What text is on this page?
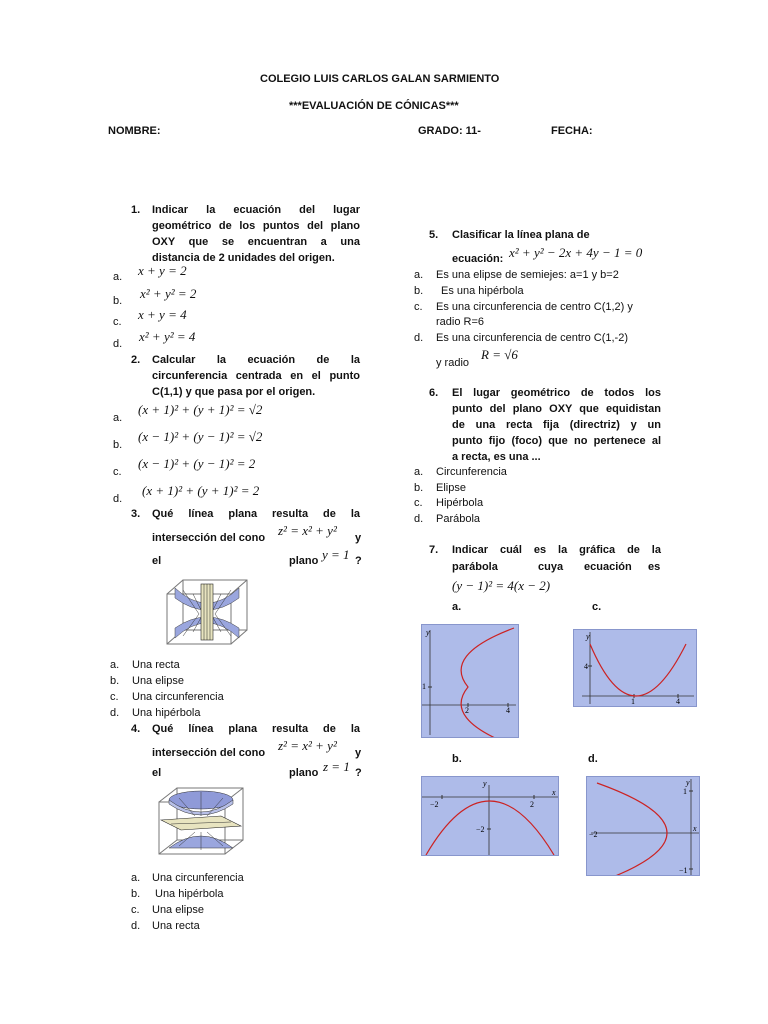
COLEGIO LUIS CARLOS GALAN SARMIENTO
***EVALUACIÓN DE CÓNICAS***
NOMBRE:	GRADO: 11-	FECHA:
1. Indicar la ecuación del lugar
geométrico de los puntos del plano
OXY que se encuentran a una
distancia de 2 unidades del origen.
a. x + y = 2
b. x² + y² = 2
c. x + y = 4
d. x² + y² = 4
2. Calcular la ecuación de la
circunferencia centrada en el punto
C(1,1) y que pasa por el origen.
a.
(x + 1)² + (y + 1)² = √2
b.
(x − 1)² + (y − 1)² = √2
c.
(x − 1)² + (y − 1)² = 2
d.
(x + 1)² + (y + 1)² = 2
3. Qué línea plana resulta de la
intersección del cono z² = x² + y² y
el	plano y = 1 ?
a. Una recta
b. Una elipse
c. Una circunferencia
d. Una hipérbola
4. Qué línea plana resulta de la
intersección del cono z² = x² + y² y
el	plano z = 1 ?
a. Una circunferencia
b. Una hipérbola
c. Una elipse
d. Una recta
5. Clasificar la línea plana de
ecuación: x² + y² − 2x + 4y − 1 = 0
a. Es una elipse de semiejes: a=1 y b=2
b. Es una hipérbola
c. Es una circunferencia de centro C(1,2) y
radio R=6
d. Es una circunferencia de centro C(1,-2)
y radio
R = √6
6. El lugar geométrico de todos los
punto del plano OXY que equidistan
de una recta fija (directriz) y un
punto fijo (foco) que no pertenece al
a recta, es una ...
a. Circunferencia
b. Elipse
c. Hipérbola
d. Parábola
7. Indicar cuál es la gráfica de la
parábola	cuya ecuación es
(y − 1)² = 4(x − 2)
a.	c.
b.	d.
y
1
2	4
y
4
1	4
y
x
−2	2
−2
y
x
1
−2
−1
